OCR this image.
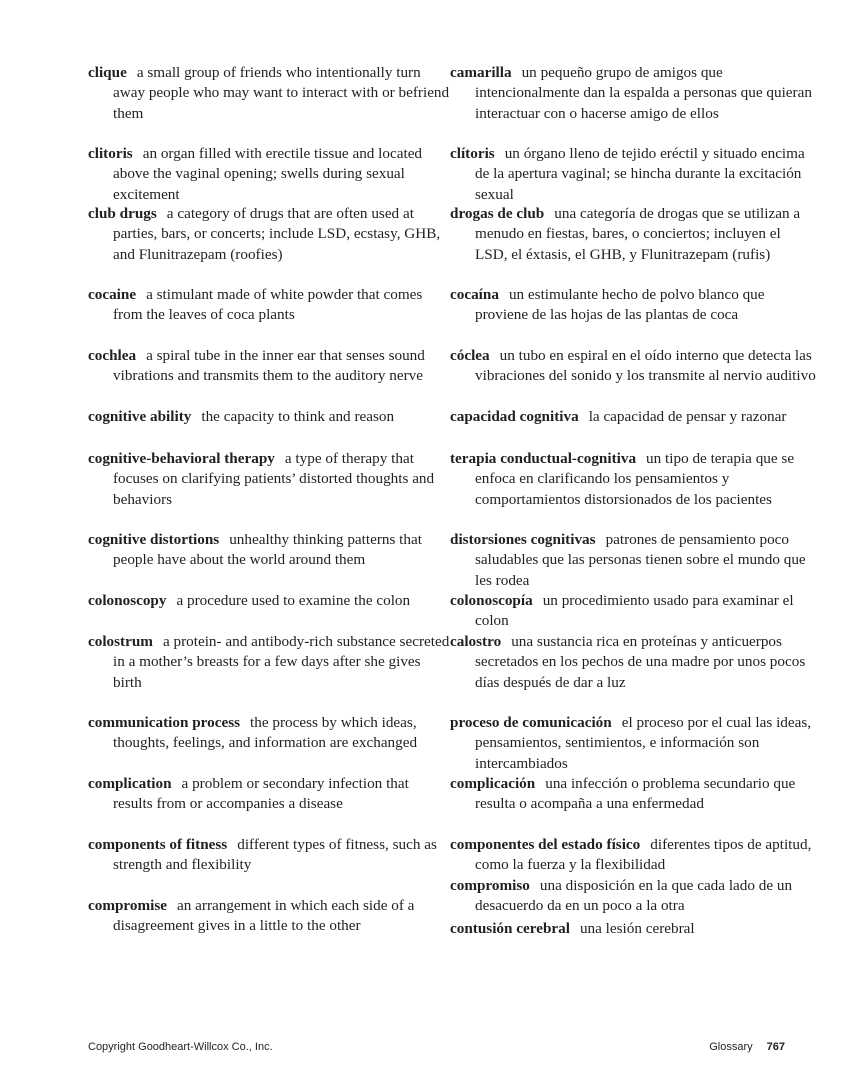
clique a small group of friends who intentionally turn away people who may want to interact with or befriend them
clitoris an organ filled with erectile tissue and located above the vaginal opening; swells during sexual excitement
club drugs a category of drugs that are often used at parties, bars, or concerts; include LSD, ecstasy, GHB, and Flunitrazepam (roofies)
cocaine a stimulant made of white powder that comes from the leaves of coca plants
cochlea a spiral tube in the inner ear that senses sound vibrations and transmits them to the auditory nerve
cognitive ability the capacity to think and reason
cognitive-behavioral therapy a type of therapy that focuses on clarifying patients’ distorted thoughts and behaviors
cognitive distortions unhealthy thinking patterns that people have about the world around them
colonoscopy a procedure used to examine the colon
colostrum a protein- and antibody-rich substance secreted in a mother’s breasts for a few days after she gives birth
communication process the process by which ideas, thoughts, feelings, and information are exchanged
complication a problem or secondary infection that results from or accompanies a disease
components of fitness different types of fitness, such as strength and flexibility
compromise an arrangement in which each side of a disagreement gives in a little to the other
camarilla un pequeño grupo de amigos que intencionalmente dan la espalda a personas que quieran interactuar con o hacerse amigo de ellos
clítoris un órgano lleno de tejido eréctil y situado encima de la apertura vaginal; se hincha durante la excitación sexual
drogas de club una categoría de drogas que se utilizan a menudo en fiestas, bares, o conciertos; incluyen el LSD, el éxtasis, el GHB, y Flunitrazepam (rufis)
cocaína un estimulante hecho de polvo blanco que proviene de las hojas de las plantas de coca
cóclea un tubo en espiral en el oído interno que detecta las vibraciones del sonido y los transmite al nervio auditivo
capacidad cognitiva la capacidad de pensar y razonar
terapia conductual-cognitiva un tipo de terapia que se enfoca en clarificando los pensamientos y comportamientos distorsionados de los pacientes
distorsiones cognitivas patrones de pensamiento poco saludables que las personas tienen sobre el mundo que les rodea
colonoscopía un procedimiento usado para examinar el colon
calostro una sustancia rica en proteínas y anticuerpos secretados en los pechos de una madre por unos pocos días después de dar a luz
proceso de comunicación el proceso por el cual las ideas, pensamientos, sentimientos, e información son intercambiados
complicación una infección o problema secundario que resulta o acompaña a una enfermedad
componentes del estado físico diferentes tipos de aptitud, como la fuerza y la flexibilidad
compromiso una disposición en la que cada lado de un desacuerdo da en un poco a la otra
contusión cerebral una lesión cerebral
Copyright Goodheart-Willcox Co., Inc.	Glossary 767
